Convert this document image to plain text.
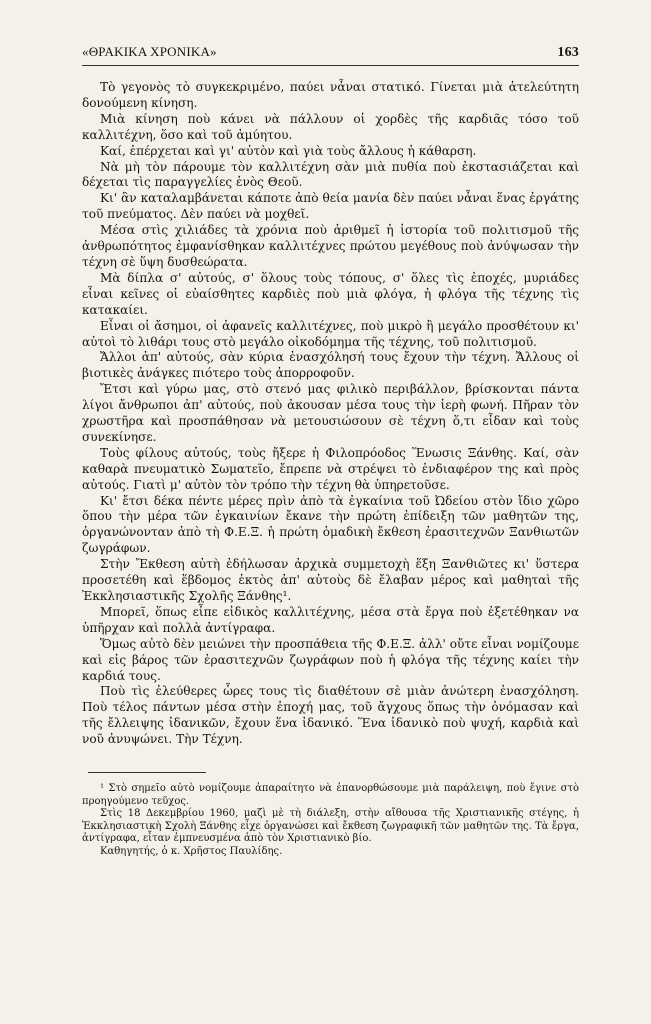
«ΘΡΑΚΙΚΑ ΧΡΟΝΙΚΑ»	163

Τὸ γεγονὸς τὸ συγκεκριμένο, παύει νἆναι στατικό. Γίνεται μιὰ ἀτελεύτητη δονούμενη κίνηση.

Μιὰ κίνηση ποὺ κάνει νὰ πάλλουν οἱ χορδὲς τῆς καρδιᾶς τόσο τοῦ καλλιτέχνη, ὅσο καὶ τοῦ ἀμύητου.

Καί, ἐπέρχεται καὶ γι' αὐτὸν καὶ γιὰ τοὺς ἄλλους ἡ κάθαρση.

Νὰ μὴ τὸν πάρουμε τὸν καλλιτέχνη σὰν μιὰ πυθία ποὺ ἐκστασιάζεται καὶ δέχεται τὶς παραγγελίες ἑνὸς Θεοῦ.

Κι' ἂν καταλαμβάνεται κάποτε ἀπὸ θεία μανία δὲν παύει νἆναι ἕνας ἐργάτης τοῦ πνεύματος. Δὲν παύει νὰ μοχθεῖ.

Μέσα στὶς χιλιάδες τὰ χρόνια ποὺ ἀριθμεῖ ἡ ἱστορία τοῦ πολιτισμοῦ τῆς ἀνθρωπότητος ἐμφανίσθηκαν καλλιτέχνες πρώτου μεγέθους ποὺ ἀνύψωσαν τὴν τέχνη σὲ ὕψη δυσθεώρατα.

Μὰ δίπλα σ' αὐτούς, σ' ὅλους τοὺς τόπους, σ' ὅλες τὶς ἐποχές, μυριάδες εἶναι κεῖνες οἱ εὐαίσθητες καρδιὲς ποὺ μιὰ φλόγα, ἡ φλόγα τῆς τέχνης τὶς κατακαίει.

Εἶναι οἱ ἄσημοι, οἱ ἀφανεῖς καλλιτέχνες, ποὺ μικρὸ ἢ μεγάλο προσθέτουν κι' αὐτοὶ τὸ λιθάρι τους στὸ μεγάλο οἰκοδόμημα τῆς τέχνης, τοῦ πολιτισμοῦ.

Ἄλλοι ἀπ' αὐτούς, σὰν κύρια ἐνασχόλησή τους ἔχουν τὴν τέχνη. Ἄλλους οἱ βιοτικὲς ἀνάγκες πιότερο τοὺς ἀπορροφοῦν.

Ἔτσι καὶ γύρω μας, στὸ στενό μας φιλικὸ περιβάλλον, βρίσκονται πάντα λίγοι ἄνθρωποι ἀπ' αὐτούς, ποὺ ἀκουσαν μέσα τους τὴν ἱερὴ φωνή. Πῆραν τὸν χρωστῆρα καὶ προσπάθησαν νὰ μετουσιώσουν σὲ τέχνη ὅ,τι εἶδαν καὶ τοὺς συνεκίνησε.

Τοὺς φίλους αὐτούς, τοὺς ἤξερε ἡ Φιλοπρόοδος Ἕνωσις Ξάνθης. Καί, σὰν καθαρὰ πνευματικὸ Σωματεῖο, ἔπρεπε νὰ στρέψει τὸ ἐνδιαφέρον της καὶ πρὸς αὐτούς. Γιατὶ μ' αὐτὸν τὸν τρόπο τὴν τέχνη θὰ ὑπηρετοῦσε.

Κι' ἔτσι δέκα πέντε μέρες πρὶν ἀπὸ τὰ ἐγκαίνια τοῦ Ὠδείου στὸν ἴδιο χῶρο ὅπου τὴν μέρα τῶν ἐγκαινίων ἔκανε τὴν πρώτη ἐπίδειξη τῶν μαθητῶν της, ὀργανώνονταν ἀπὸ τὴ Φ.Ε.Ξ. ἡ πρώτη ὁμαδικὴ ἔκθεση ἐρασιτεχνῶν Ξανθιωτῶν ζωγράφων.

Στὴν Ἔκθεση αὐτὴ ἐδήλωσαν ἀρχικὰ συμμετοχὴ ἕξη Ξανθιῶτες κι' ὕστερα προσετέθη καὶ ἕβδομος ἐκτὸς ἀπ' αὐτοὺς δὲ ἔλαβαν μέρος καὶ μαθηταὶ τῆς Ἐκκλησιαστικῆς Σχολῆς Ξάνθης¹.

Μπορεῖ, ὅπως εἶπε εἰδικὸς καλλιτέχνης, μέσα στὰ ἔργα ποὺ ἐξετέθηκαν να ὑπῆρχαν καὶ πολλὰ ἀντίγραφα.

Ὅμως αὐτὸ δὲν μειώνει τὴν προσπάθεια τῆς Φ.Ε.Ξ. ἀλλ' οὔτε εἶναι νομίζουμε καὶ εἰς βάρος τῶν ἐρασιτεχνῶν ζωγράφων ποὺ ἡ φλόγα τῆς τέχνης καίει τὴν καρδιά τους.

Ποὺ τὶς ἐλεύθερες ὧρες τους τὶς διαθέτουν σὲ μιὰν ἀνώτερη ἐνασχόληση. Ποὺ τέλος πάντων μέσα στὴν ἐποχή μας, τοῦ ἄγχους ὅπως τὴν ὀνόμασαν καὶ τῆς ἔλλειψης ἰδανικῶν, ἔχουν ἕνα ἰδανικό. Ἕνα ἰδανικὸ ποὺ ψυχή, καρδιὰ καὶ νοῦ ἀνυψώνει. Τὴν Τέχνη.

¹ Στὸ σημεῖο αὐτὸ νομίζουμε ἀπαραίτητο νὰ ἐπανορθώσουμε μιὰ παράλειψη, ποὺ ἔγινε στὸ προηγούμενο τεῦχος.

Στὶς 18 Δεκεμβρίου 1960, μαζὶ μὲ τὴ διάλεξη, στὴν αἴθουσα τῆς Χριστιανικῆς στέγης, ἡ Ἐκκλησιαστικὴ Σχολὴ Ξάνθης εἶχε ὀργανώσει καὶ ἔκθεση ζωγραφικῆ τῶν μαθητῶν της. Τὰ ἔργα, ἀντίγραφα, εἶταν ἐμπνευσμένα ἀπὸ τὸν Χριστιανικὸ βίο.

Καθηγητής, ὁ κ. Χρῆστος Παυλίδης.
